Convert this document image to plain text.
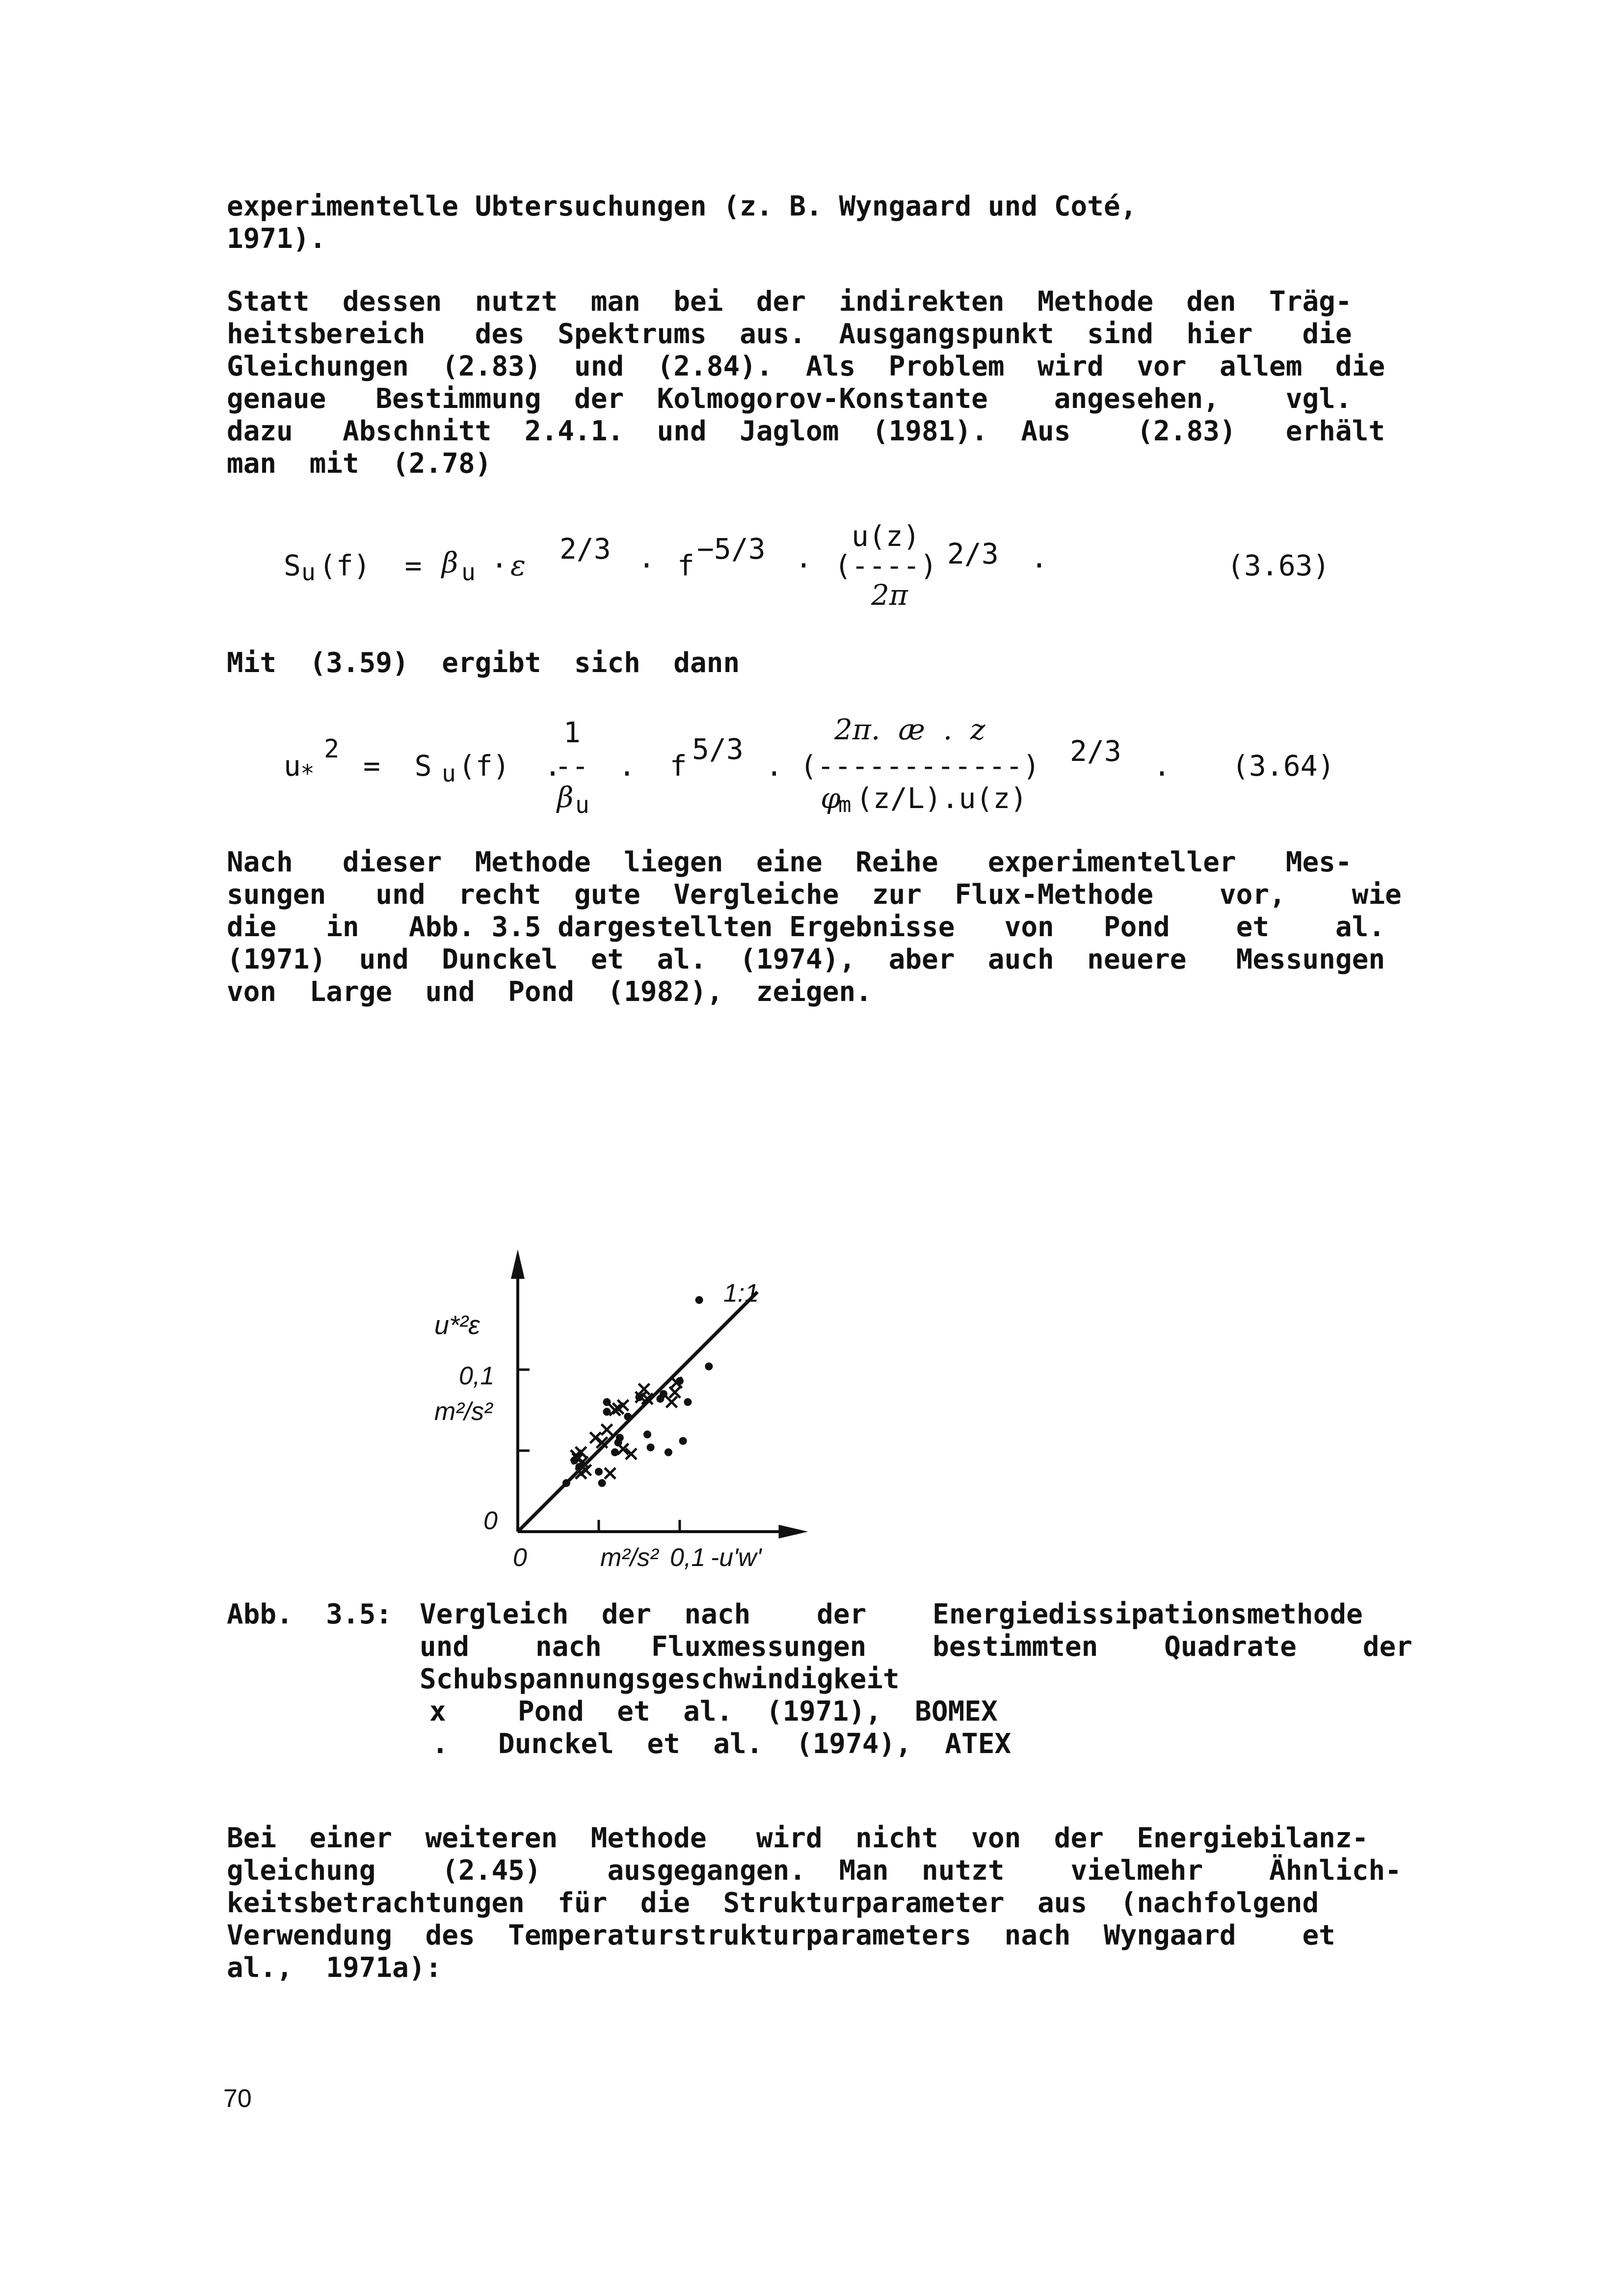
experimentelle Ubtersuchungen (z. B. Wyngaard und Coté,
1971).
Statt  dessen  nutzt  man  bei  der  indirekten  Methode  den  Träg-
heitsbereich   des  Spektrums  aus.  Ausgangspunkt  sind  hier   die
Gleichungen  (2.83)  und  (2.84).  Als  Problem  wird  vor  allem  die
genaue   Bestimmung  der  Kolmogorov-Konstante    angesehen,    vgl.
dazu   Abschnitt  2.4.1.  und  Jaglom  (1981).  Aus    (2.83)   erhält
man  mit  (2.78)
S u (f)  = β u · ε 2/3 · f −5/3 ·
u(z)
(----)
2π
2/3 ·	(3.63)
Mit  (3.59)  ergibt  sich  dann
u *
2 =  S u (f)  .
1
--
β u
.  f 5/3 .
2π.  æ  .  z
(------------)
φ
m (z/L).u(z)
2/3 . (3.64)
Nach   dieser  Methode  liegen  eine  Reihe   experimenteller   Mes-
sungen   und  recht  gute  Vergleiche  zur  Flux-Methode    vor,    wie
die   in   Abb. 3.5 dargestellten Ergebnisse   von   Pond    et    al.
(1971)  und  Dunckel  et  al.  (1974),  aber  auch  neuere   Messungen
von  Large  und  Pond  (1982),  zeigen.
1:1
0
0
0,1
0,1
m²/s²
m²/s²
u*²ε
-u'w'
Abb.  3.5: Vergleich  der  nach    der    Energiedissipationsmethode
und    nach   Fluxmessungen    bestimmten    Quadrate    der
Schubspannungsgeschwindigkeit
x	Pond  et  al.  (1971),  BOMEX
. Dunckel  et  al.  (1974),  ATEX
Bei  einer  weiteren  Methode   wird  nicht  von  der  Energiebilanz-
gleichung    (2.45)    ausgegangen.  Man  nutzt    vielmehr    Ähnlich-
keitsbetrachtungen  für  die  Strukturparameter  aus  (nachfolgend
Verwendung  des  Temperaturstrukturparameters  nach  Wyngaard    et
al.,  1971a):
70
